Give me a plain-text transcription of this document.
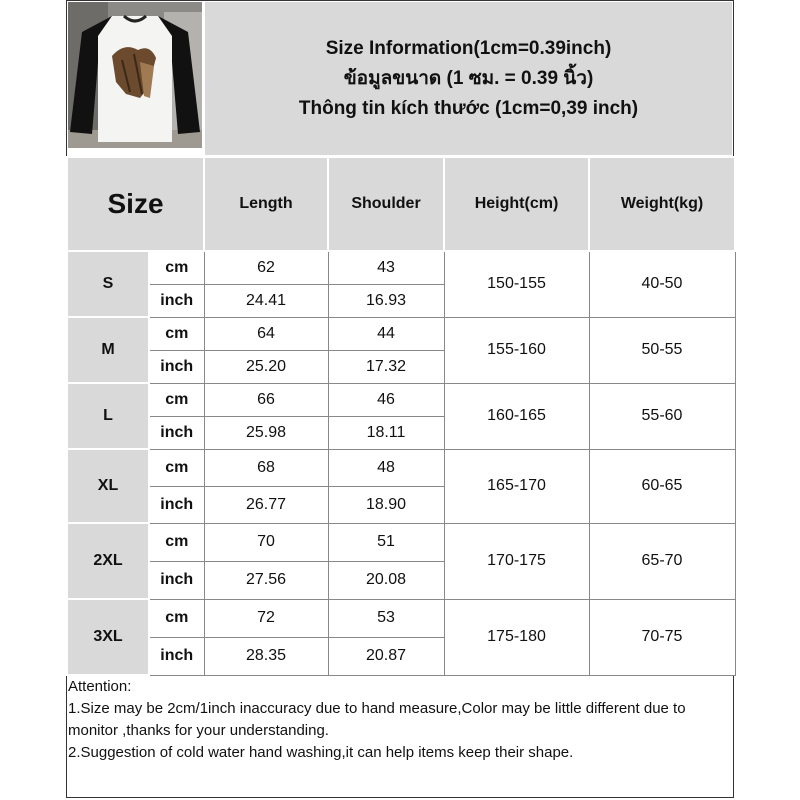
Size Information(1cm=0.39inch)
ข้อมูลขนาด (1 ซม. = 0.39 นิ้ว)
Thông tin kích thước (1cm=0,39 inch)
Size		Length	Shoulder	Height(cm)	Weight(kg)
S	cm	62	43	150-155	40-50
	inch	24.41	16.93		
M	cm	64	44	155-160	50-55
	inch	25.20	17.32		
L	cm	66	46	160-165	55-60
	inch	25.98	18.11		
XL	cm	68	48	165-170	60-65
	inch	26.77	18.90		
2XL	cm	70	51	170-175	65-70
	inch	27.56	20.08		
3XL	cm	72	53	175-180	70-75
	inch	28.35	20.87		
Attention:
1.Size may be 2cm/1inch inaccuracy due to hand measure,Color may be little different due to monitor ,thanks for your understanding.
2.Suggestion of cold water hand washing,it can help items keep their shape.
